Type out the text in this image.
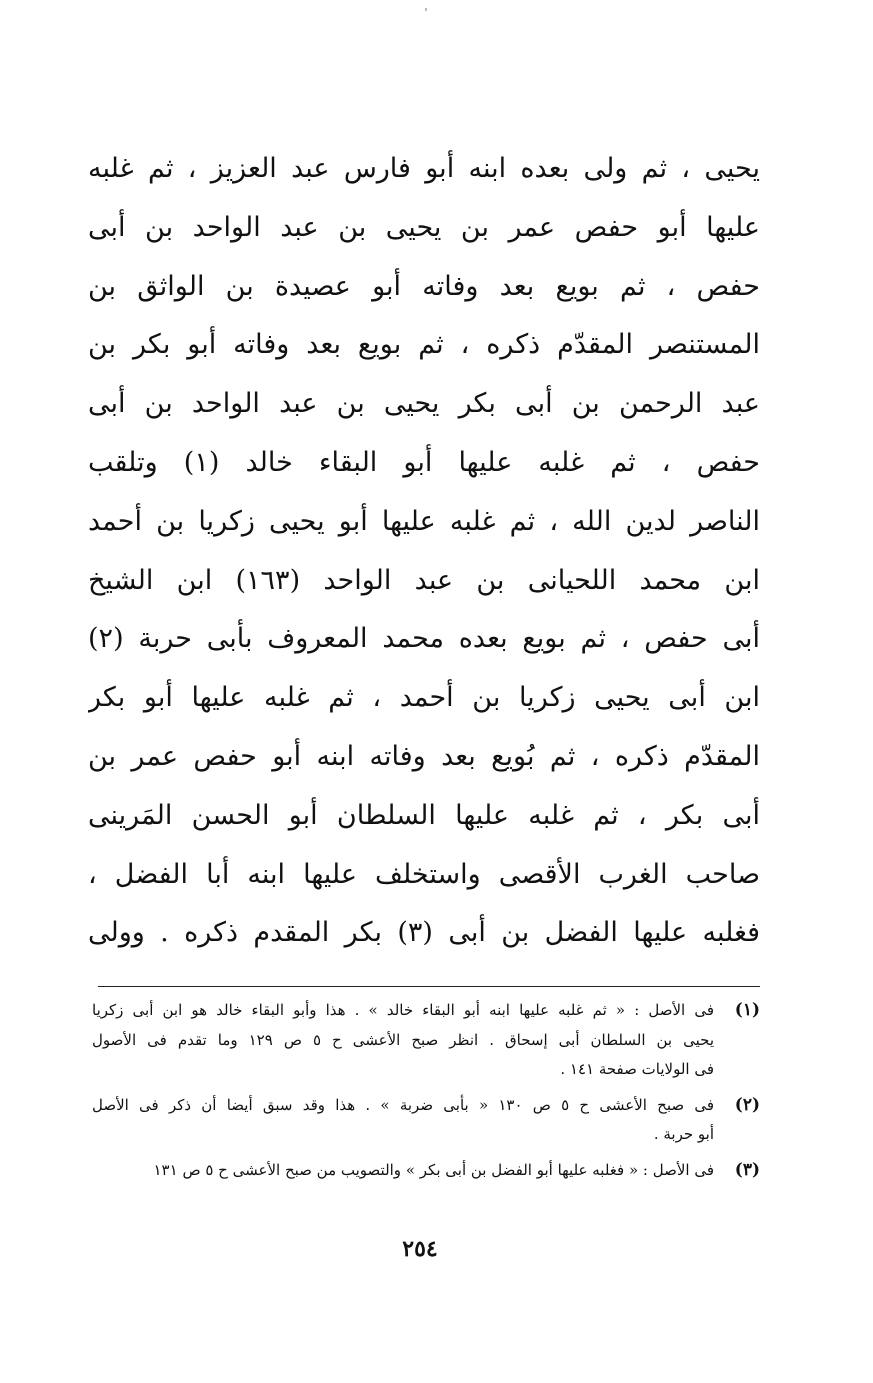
يحيى ، ثم ولى بعده ابنه أبو فارس عبد العزيز ، ثم غلبه
عليها أبو حفص عمر بن يحيى بن عبد الواحد بن أبى
حفص ، ثم بويع بعد وفاته أبو عصيدة بن الواثق بن
المستنصر المقدّم ذكره ، ثم بويع بعد وفاته أبو بكر بن
عبد الرحمن بن أبى بكر يحيى بن عبد الواحد بن أبى
حفص ، ثم غلبه عليها أبو البقاء خالد (١) وتلقب
الناصر لدين الله ، ثم غلبه عليها أبو يحيى زكريا بن أحمد
ابن محمد اللحيانى بن عبد الواحد (١٦٣) ابن الشيخ
أبى حفص ، ثم بويع بعده محمد المعروف بأبى حربة (٢)
ابن أبى يحيى زكريا بن أحمد ، ثم غلبه عليها أبو بكر
المقدّم ذكره ، ثم بُويع بعد وفاته ابنه أبو حفص عمر بن
أبى بكر ، ثم غلبه عليها السلطان أبو الحسن المَرينى
صاحب الغرب الأقصى واستخلف عليها ابنه أبا الفضل ،
فغلبه عليها الفضل بن أبى (٣) بكر المقدم ذكره . وولى
(١)
فى الأصل : « ثم غلبه عليها ابنه أبو البقاء خالد » . هذا وأبو البقاء خالد هو ابن أبى زكريا
يحيى بن السلطان أبى إسحاق . انظر صبح الأعشى ح ٥ ص ١٢٩ وما تقدم فى الأصول
فى الولايات صفحة ١٤١ .
(٢)
فى صبح الأعشى ح ٥ ص ١٣٠ « بأبى ضربة » . هذا وقد سبق أيضا أن ذكر فى الأصل
أبو حربة .
(٣)
فى الأصل : « فغلبه عليها أبو الفضل بن أبى بكر » والتصويب من صبح الأعشى ح ٥ ص ١٣١
٢٥٤
